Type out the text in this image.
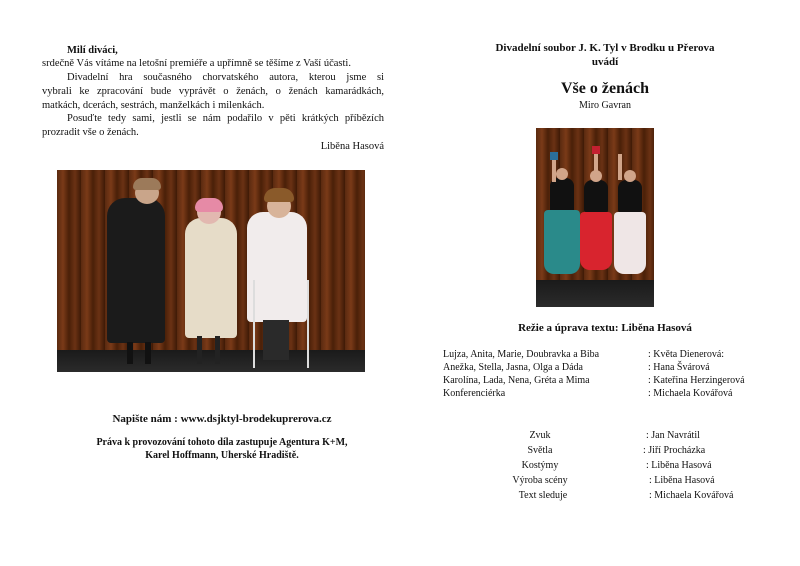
Milí diváci,
srdečně Vás vítáme na letošní premiéře a upřímně se těšíme z Vaší účasti.
Divadelní hra současného chorvatského autora, kterou jsme si
vybrali ke zpracování bude vyprávět o ženách, o ženách kamarádkách,
matkách, dcerách, sestrách, manželkách i milenkách.
Posuďte tedy sami, jestli se nám podařilo v pěti krátkých příbězích
prozradit vše o ženách.
Liběna Hasová
Napište nám : www.dsjktyl-brodekuprerova.cz
Práva k provozování tohoto díla zastupuje Agentura K+M,
Karel Hoffmann, Uherské Hradiště.
Divadelní soubor J. K. Tyl v Brodku u Přerova
uvádí
Vše o ženách
Miro Gavran
Režie a úprava textu: Liběna Hasová
Lujza, Anita, Marie, Doubravka a Biba	: Květa Dienerová:
Anežka, Stella, Jasna, Olga a Dáda	: Hana Švárová
Karolína, Lada, Nena, Gréta a Mima	: Kateřina Herzingerová
Konferenciérka	: Michaela Kovářová
Zvuk	: Jan Navrátil
Světla	: Jiří Procházka
Kostýmy	: Liběna Hasová
Výroba scény	: Liběna Hasová
Text sleduje	: Michaela Kovářová
